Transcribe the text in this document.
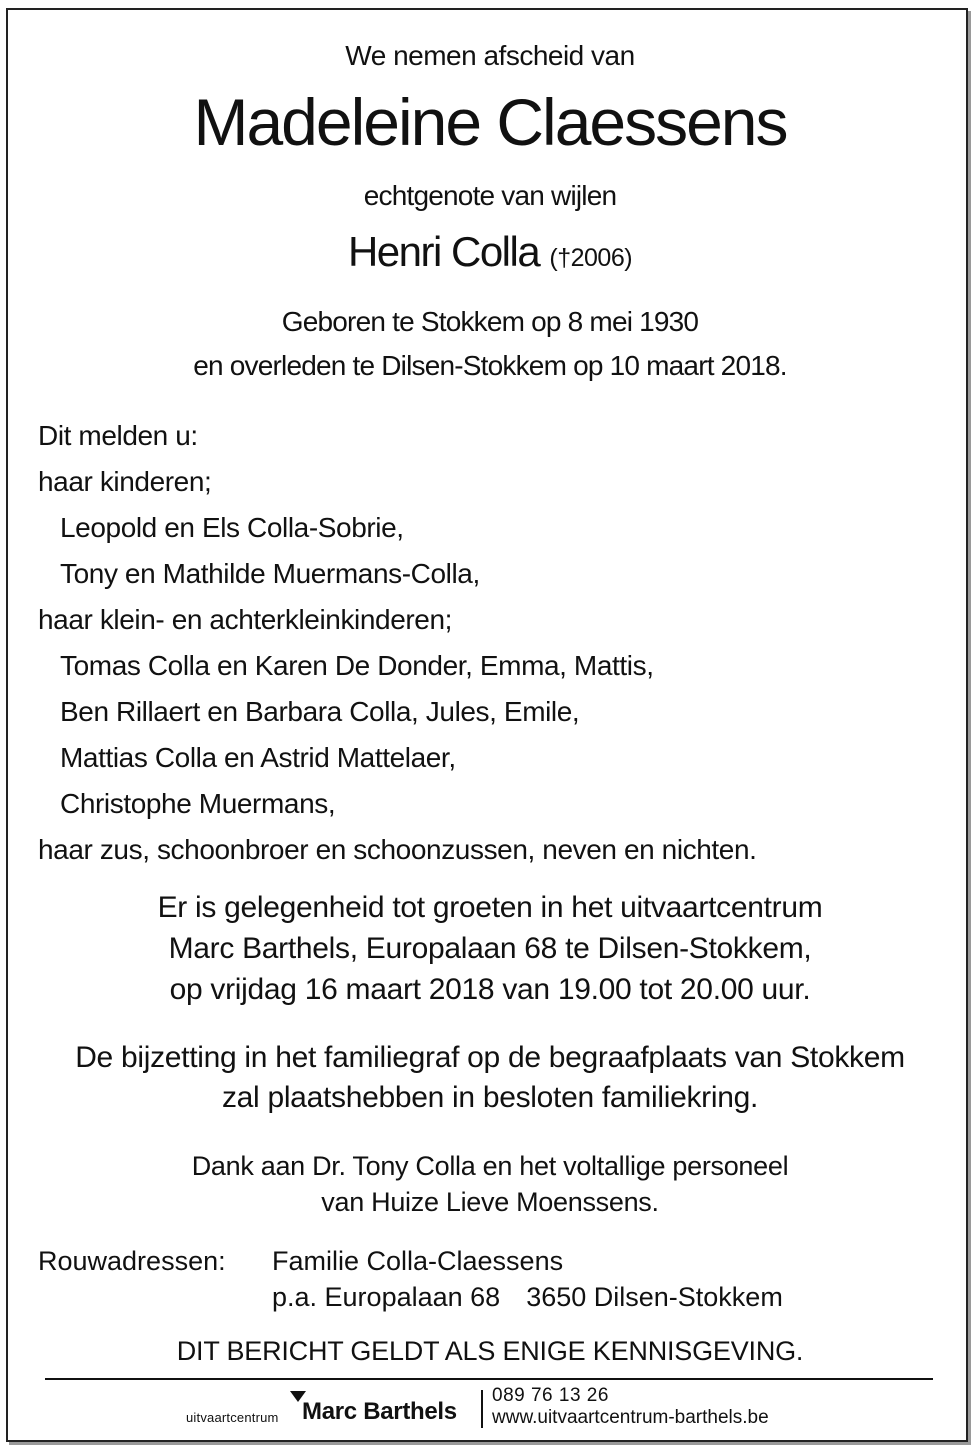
We nemen afscheid van
Madeleine Claessens
echtgenote van wijlen
Henri Colla (†2006)
Geboren te Stokkem op 8 mei 1930
en overleden te Dilsen-Stokkem op 10 maart 2018.
Dit melden u:
haar kinderen;
Leopold en Els Colla-Sobrie,
Tony en Mathilde Muermans-Colla,
haar klein- en achterkleinkinderen;
Tomas Colla en Karen De Donder, Emma, Mattis,
Ben Rillaert en Barbara Colla, Jules, Emile,
Mattias Colla en Astrid Mattelaer,
Christophe Muermans,
haar zus, schoonbroer en schoonzussen, neven en nichten.
Er is gelegenheid tot groeten in het uitvaartcentrum
Marc Barthels, Europalaan 68 te Dilsen-Stokkem,
op vrijdag 16 maart 2018 van 19.00 tot 20.00 uur.
De bijzetting in het familiegraf op de begraafplaats van Stokkem
zal plaatshebben in besloten familiekring.
Dank aan Dr. Tony Colla en het voltallige personeel
van Huize Lieve Moenssens.
Rouwadressen: Familie Colla-Claessens
p.a. Europalaan 68 3650 Dilsen-Stokkem
DIT BERICHT GELDT ALS ENIGE KENNISGEVING.
uitvaartcentrum Marc Barthels
089 76 13 26
www.uitvaartcentrum-barthels.be
